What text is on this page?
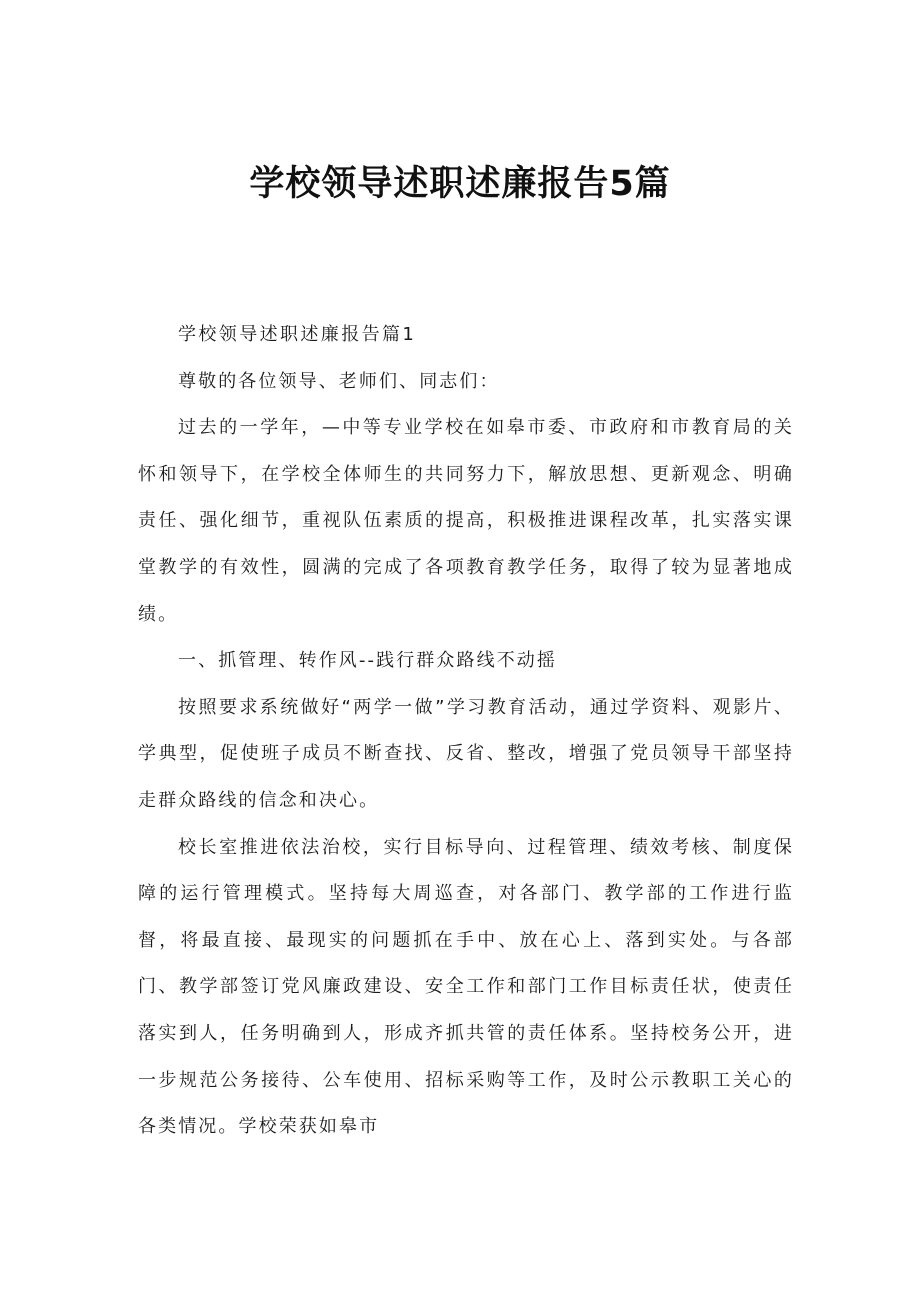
学校领导述职述廉报告5篇

学校领导述职述廉报告篇1

尊敬的各位领导、老师们、同志们：

过去的一学年，—中等专业学校在如皋市委、市政府和市教育局的关怀和领导下，在学校全体师生的共同努力下，解放思想、更新观念、明确责任、强化细节，重视队伍素质的提高，积极推进课程改革，扎实落实课堂教学的有效性，圆满的完成了各项教育教学任务，取得了较为显著地成绩。

一、抓管理、转作风--践行群众路线不动摇

按照要求系统做好“两学一做”学习教育活动，通过学资料、观影片、学典型，促使班子成员不断查找、反省、整改，增强了党员领导干部坚持走群众路线的信念和决心。

校长室推进依法治校，实行目标导向、过程管理、绩效考核、制度保障的运行管理模式。坚持每大周巡查，对各部门、教学部的工作进行监督，将最直接、最现实的问题抓在手中、放在心上、落到实处。与各部门、教学部签订党风廉政建设、安全工作和部门工作目标责任状，使责任落实到人，任务明确到人，形成齐抓共管的责任体系。坚持校务公开，进一步规范公务接待、公车使用、招标采购等工作，及时公示教职工关心的各类情况。学校荣获如皋市
